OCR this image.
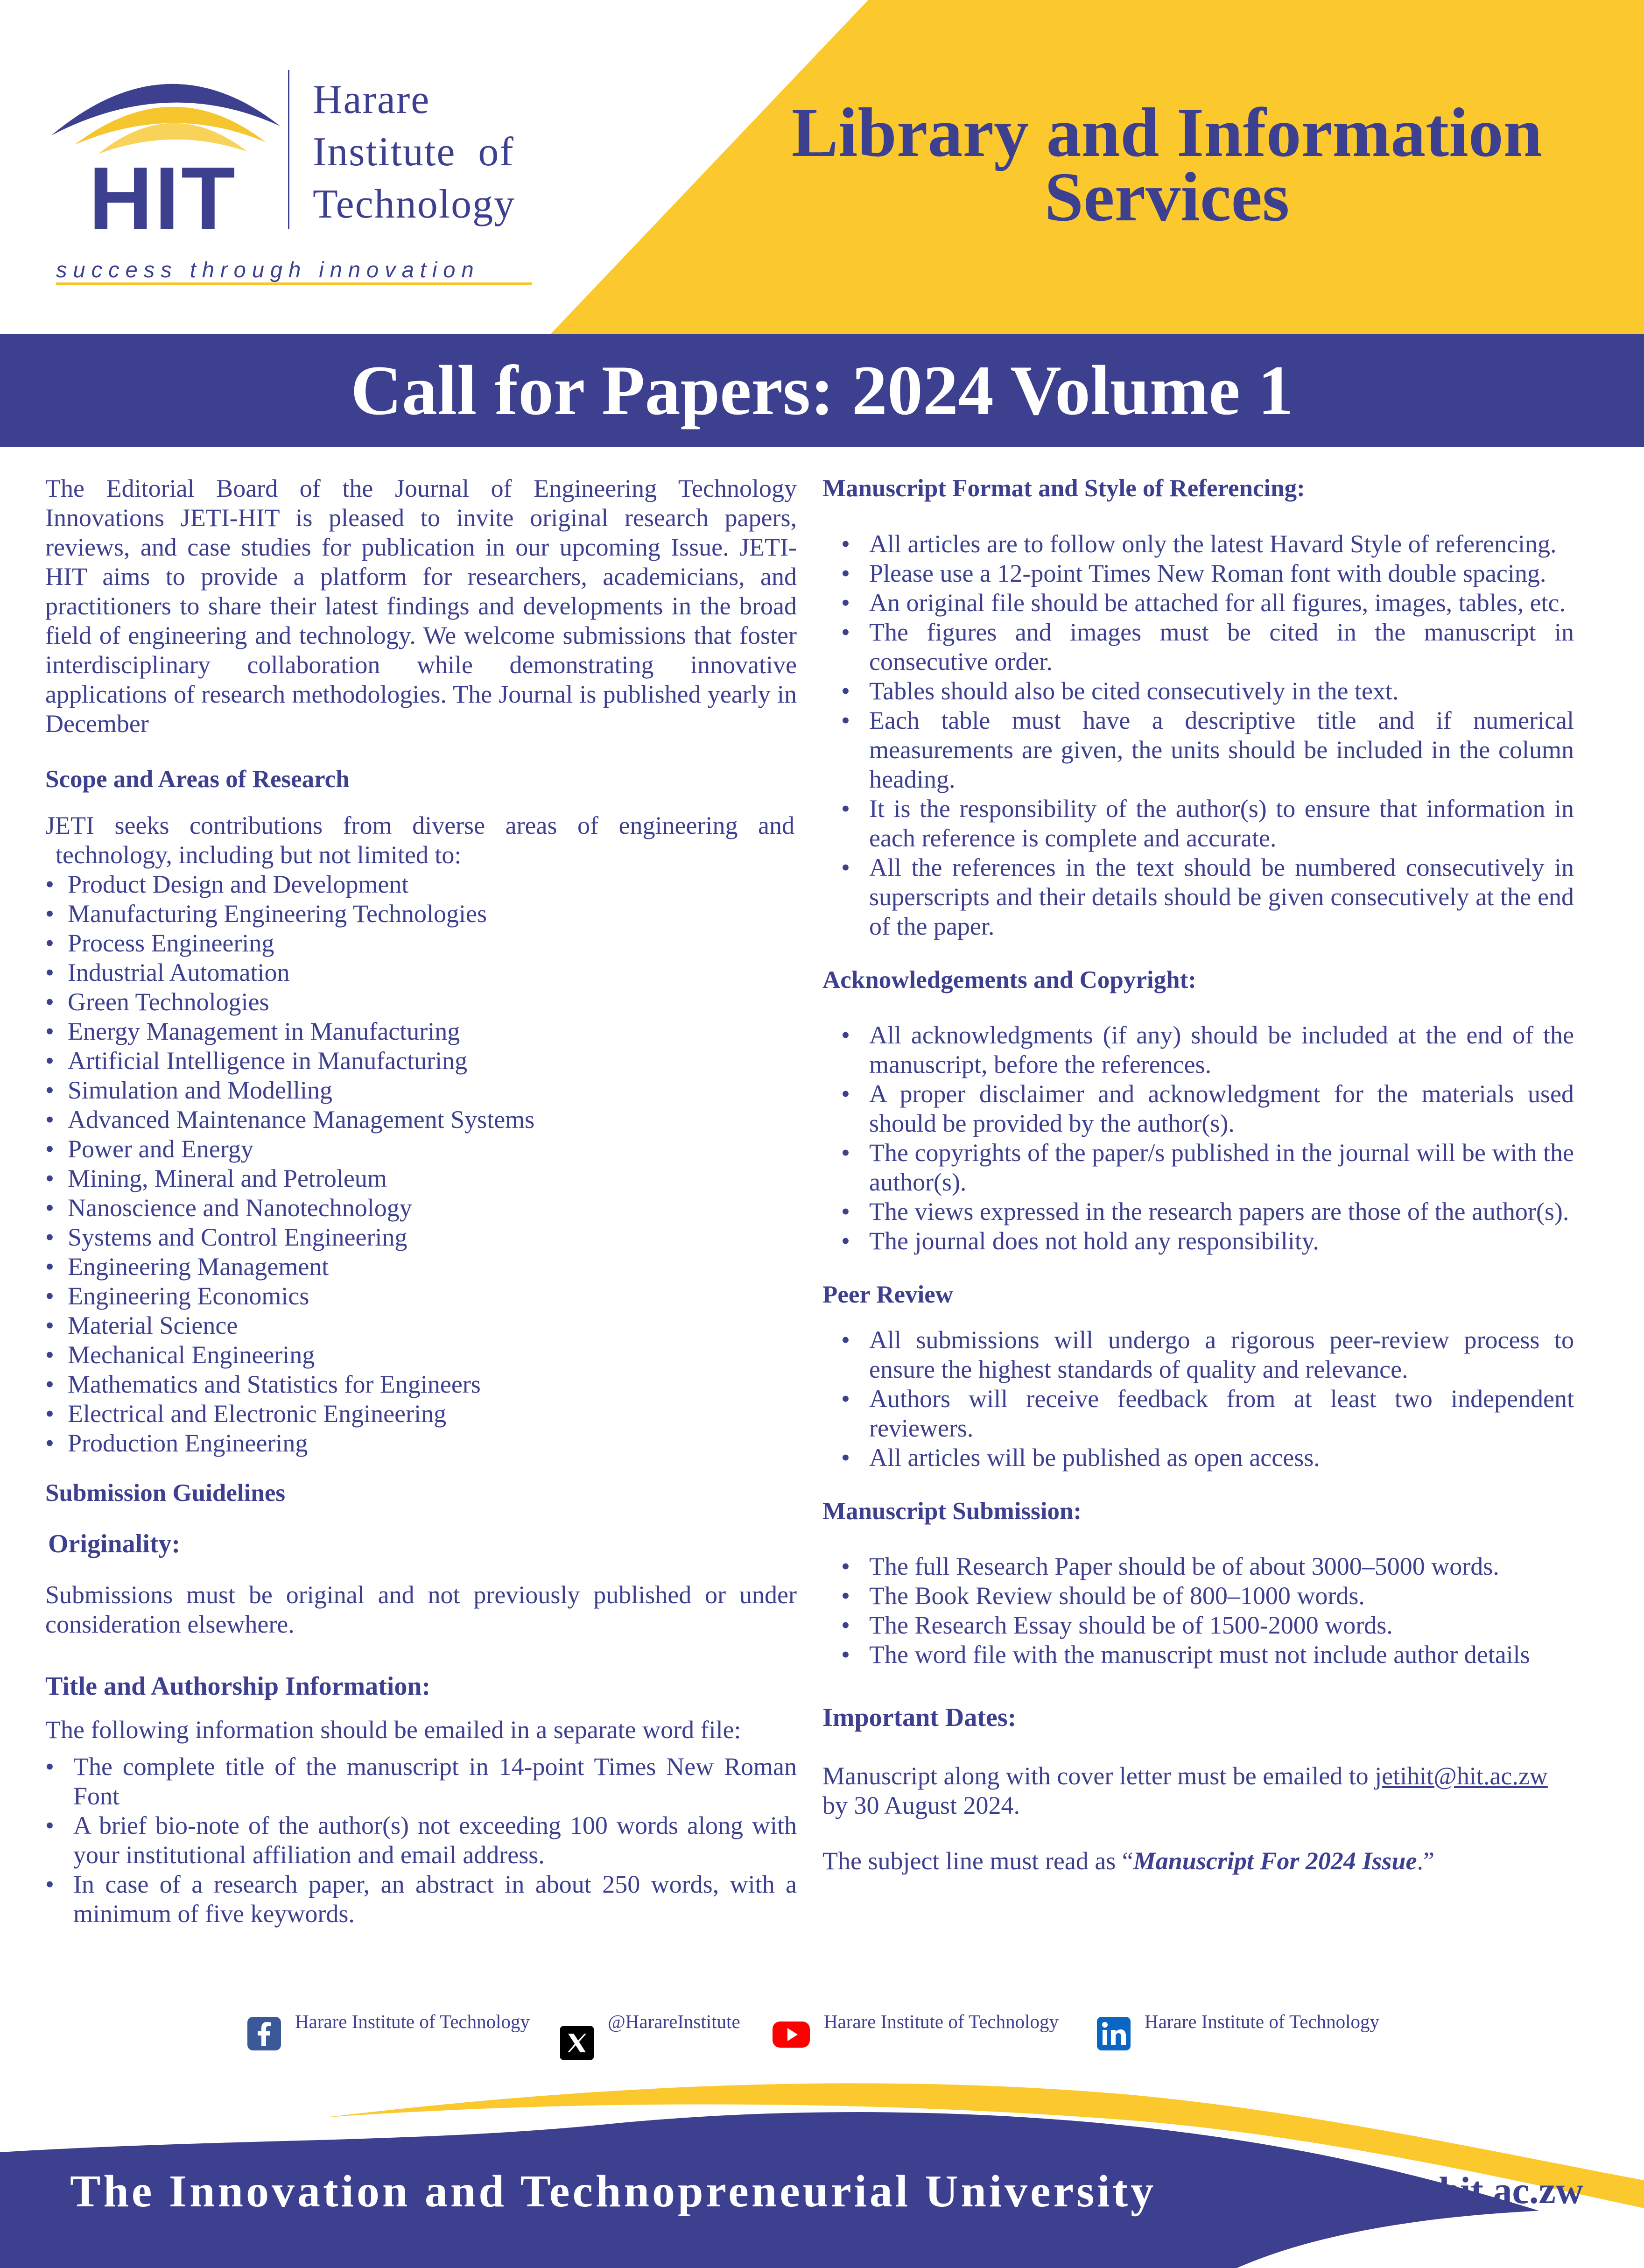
HIT
Harare
Institute  of
Technology
success through innovation
Library and Information
Services
Call for Papers: 2024 Volume 1

The Editorial Board of the Journal of Engineering Technology Innovations JETI-HIT is pleased to invite original research papers, reviews, and case studies for publication in our upcoming Issue. JETI-HIT aims to provide a platform for researchers, academicians, and practitioners to share their latest findings and developments in the broad field of engineering and technology. We welcome submissions that foster interdisciplinary collaboration while demonstrating innovative applications of research methodologies. The Journal is published yearly in December

Scope and Areas of Research
JETI seeks contributions from diverse areas of engineering and
technology, including but not limited to:
• Product Design and Development
• Manufacturing Engineering Technologies
• Process Engineering
• Industrial Automation
• Green Technologies
• Energy Management in Manufacturing
• Artificial Intelligence in Manufacturing
• Simulation and Modelling
• Advanced Maintenance Management Systems
• Power and Energy
• Mining, Mineral and Petroleum
• Nanoscience and Nanotechnology
• Systems and Control Engineering
• Engineering Management
• Engineering Economics
• Material Science
• Mechanical Engineering
• Mathematics and Statistics for Engineers
• Electrical and Electronic Engineering
• Production Engineering
Submission Guidelines
Originality:

Submissions must be original and not previously published or under consideration elsewhere.

Title and Authorship Information:
The following information should be emailed in a separate word file:
• The complete title of the manuscript in 14-point Times New Roman Font
• A brief bio-note of the author(s) not exceeding 100 words along with your institutional affiliation and email address.
• In case of a research paper, an abstract in about 250 words, with a minimum of five keywords.
Manuscript Format and Style of Referencing:
• All articles are to follow only the latest Havard Style of referencing.
• Please use a 12-point Times New Roman font with double spacing.
• An original file should be attached for all figures, images, tables, etc.
• The figures and images must be cited in the manuscript in consecutive order.
• Tables should also be cited consecutively in the text.
• Each table must have a descriptive title and if numerical measurements are given, the units should be included in the column heading.
• It is the responsibility of the author(s) to ensure that information in each reference is complete and accurate.
• All the references in the text should be numbered consecutively in superscripts and their details should be given consecutively at the end of the paper.
Acknowledgements and Copyright:
• All acknowledgments (if any) should be included at the end of the manuscript, before the references.
• A proper disclaimer and acknowledgment for the materials used should be provided by the author(s).
• The copyrights of the paper/s published in the journal will be with the author(s).
• The views expressed in the research papers are those of the author(s).
• The journal does not hold any responsibility.
Peer Review
• All submissions will undergo a rigorous peer-review process to ensure the highest standards of quality and relevance.
• Authors will receive feedback from at least two independent reviewers.
• All articles will be published as open access.
Manuscript Submission:
• The full Research Paper should be of about 3000–5000 words.
• The Book Review should be of 800–1000 words.
• The Research Essay should be of 1500-2000 words.
• The word file with the manuscript must not include author details
Important Dates:

Manuscript along with cover letter must be emailed to jetihit@hit.ac.zw
by 30 August 2024.

The subject line must read as “Manuscript For 2024 Issue.”

Harare Institute of Technology	@HarareInstitute	Harare Institute of Technology	Harare Institute of Technology
The Innovation and Technopreneurial University	www.hit.ac.zw
